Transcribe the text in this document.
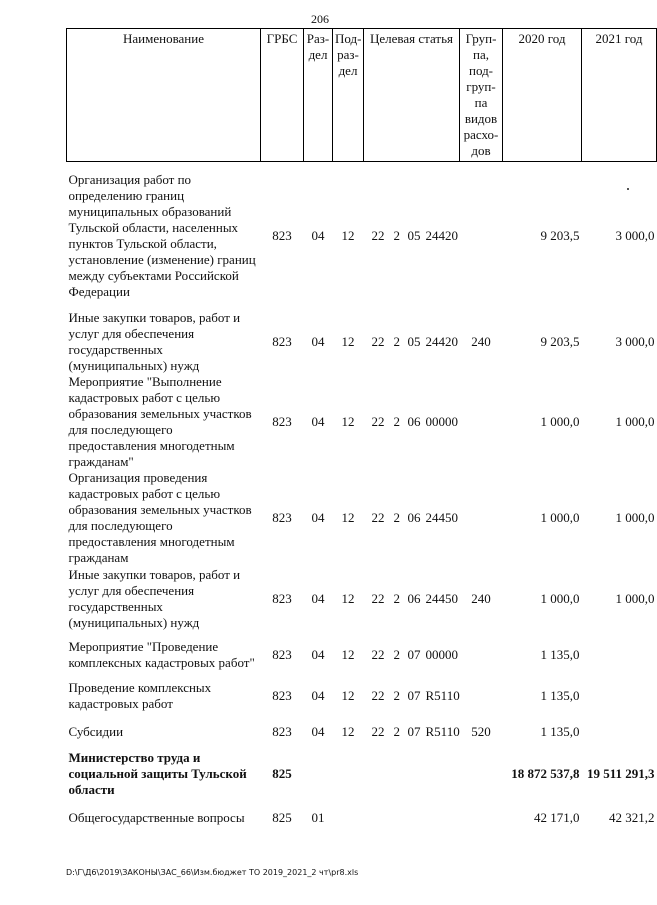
206
Наименование	ГРБС	Раз-дел	Под-раз-дел	Целевая статья	Груп-па, под-груп-па видов расхо-дов	2020 год	2021 год
Организация работ по определению границ муниципальных образований Тульской области, населенных пунктов Тульской области, установление (изменение) границ между субъектами Российской Федерации	823	04	12	22 2 05 24420		9 203,5	3 000,0
Иные закупки товаров, работ и услуг для обеспечения государственных (муниципальных) нужд	823	04	12	22 2 05 24420	240	9 203,5	3 000,0
Мероприятие "Выполнение кадастровых работ с целью образования земельных участков для последующего предоставления многодетным гражданам"	823	04	12	22 2 06 00000		1 000,0	1 000,0
Организация проведения кадастровых работ с целью образования земельных участков для последующего предоставления многодетным гражданам	823	04	12	22 2 06 24450		1 000,0	1 000,0
Иные закупки товаров, работ и услуг для обеспечения государственных (муниципальных) нужд	823	04	12	22 2 06 24450	240	1 000,0	1 000,0
Мероприятие "Проведение комплексных кадастровых работ"	823	04	12	22 2 07 00000		1 135,0	
Проведение комплексных кадастровых работ	823	04	12	22 2 07 R5110		1 135,0	
Субсидии	823	04	12	22 2 07 R5110	520	1 135,0	
Министерство труда и социальной защиты Тульской области	825					18 872 537,8	19 511 291,3
Общегосударственные вопросы	825	01				42 171,0	42 321,2
D:\Г\Д6\2019\ЗАКОНЫ\ЗАС_66\Изм.бюджет ТО 2019_2021_2 чт\pr8.xls
